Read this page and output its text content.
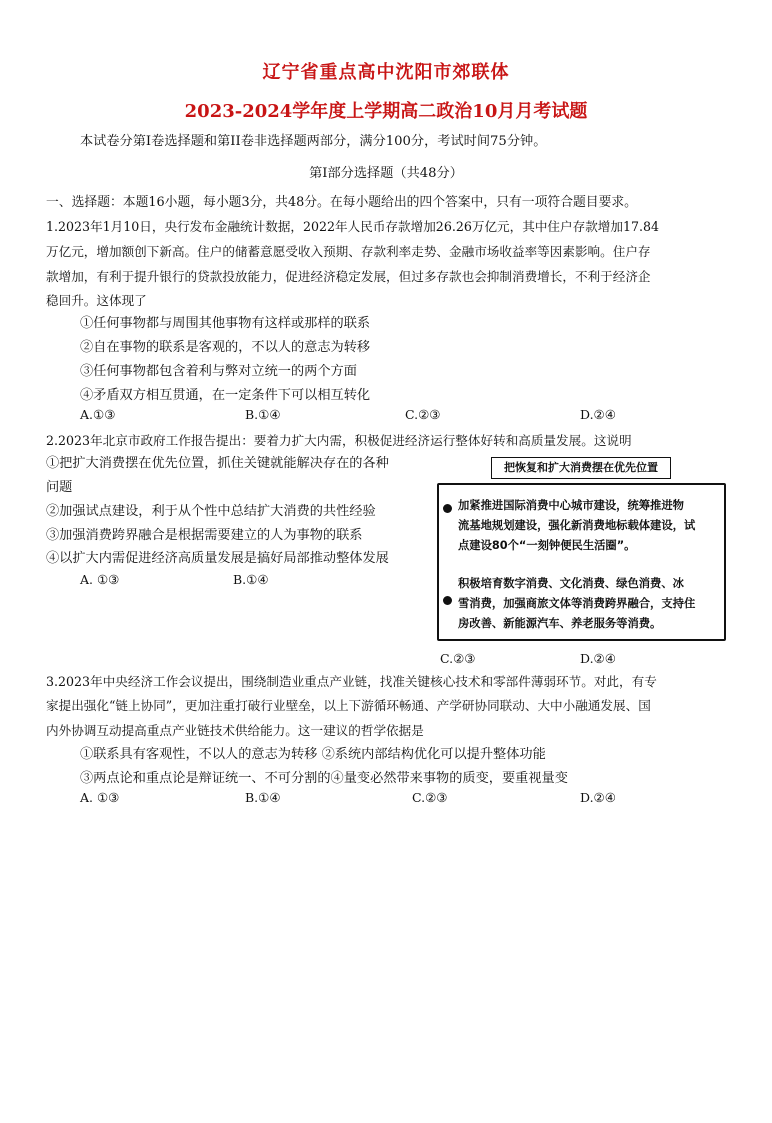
辽宁省重点高中沈阳市郊联体
2023-2024学年度上学期高二政治10月月考试题
本试卷分第I卷选择题和第II卷非选择题两部分，满分100分，考试时间75分钟。
第I部分选择题（共48分）
一、选择题：本题16小题，每小题3分，共48分。在每小题给出的四个答案中，只有一项符合题目要求。
1.2023年1月10日，央行发布金融统计数据，2022年人民币存款增加26.26万亿元，其中住户存款增加17.84
万亿元，增加额创下新高。住户的储蓄意愿受收入预期、存款利率走势、金融市场收益率等因素影响。住户存
款增加，有利于提升银行的贷款投放能力，促进经济稳定发展，但过多存款也会抑制消费增长，不利于经济企
稳回升。这体现了
①任何事物都与周围其他事物有这样或那样的联系
②自在事物的联系是客观的，不以人的意志为转移
③任何事物都包含着利与弊对立统一的两个方面
④矛盾双方相互贯通，在一定条件下可以相互转化
A.①③	B.①④	C.②③	D.②④
2.2023年北京市政府工作报告提出：要着力扩大内需，积极促进经济运行整体好转和高质量发展。这说明
①把扩大消费摆在优先位置，抓住关键就能解决存在的各种
问题
②加强试点建设，利于从个性中总结扩大消费的共性经验
③加强消费跨界融合是根据需要建立的人为事物的联系
④以扩大内需促进经济高质量发展是搞好局部推动整体发展
A. ①③	B.①④
C.②③	D.②④
把恢复和扩大消费摆在优先位置
加紧推进国际消费中心城市建设，统筹推进物
流基地规划建设，强化新消费地标载体建设，试
点建设80个“一刻钟便民生活圈”。
积极培育数字消费、文化消费、绿色消费、冰
雪消费，加强商旅文体等消费跨界融合，支持住
房改善、新能源汽车、养老服务等消费。
3.2023年中央经济工作会议提出，围绕制造业重点产业链，找准关键核心技术和零部件薄弱环节。对此，有专
家提出强化“链上协同”，更加注重打破行业壁垒，以上下游循环畅通、产学研协同联动、大中小融通发展、国
内外协调互动提高重点产业链技术供给能力。这一建议的哲学依据是
①联系具有客观性，不以人的意志为转移 ②系统内部结构优化可以提升整体功能
③两点论和重点论是辩证统一、不可分割的④量变必然带来事物的质变，要重视量变
A. ①③	B.①④	C.②③	D.②④
